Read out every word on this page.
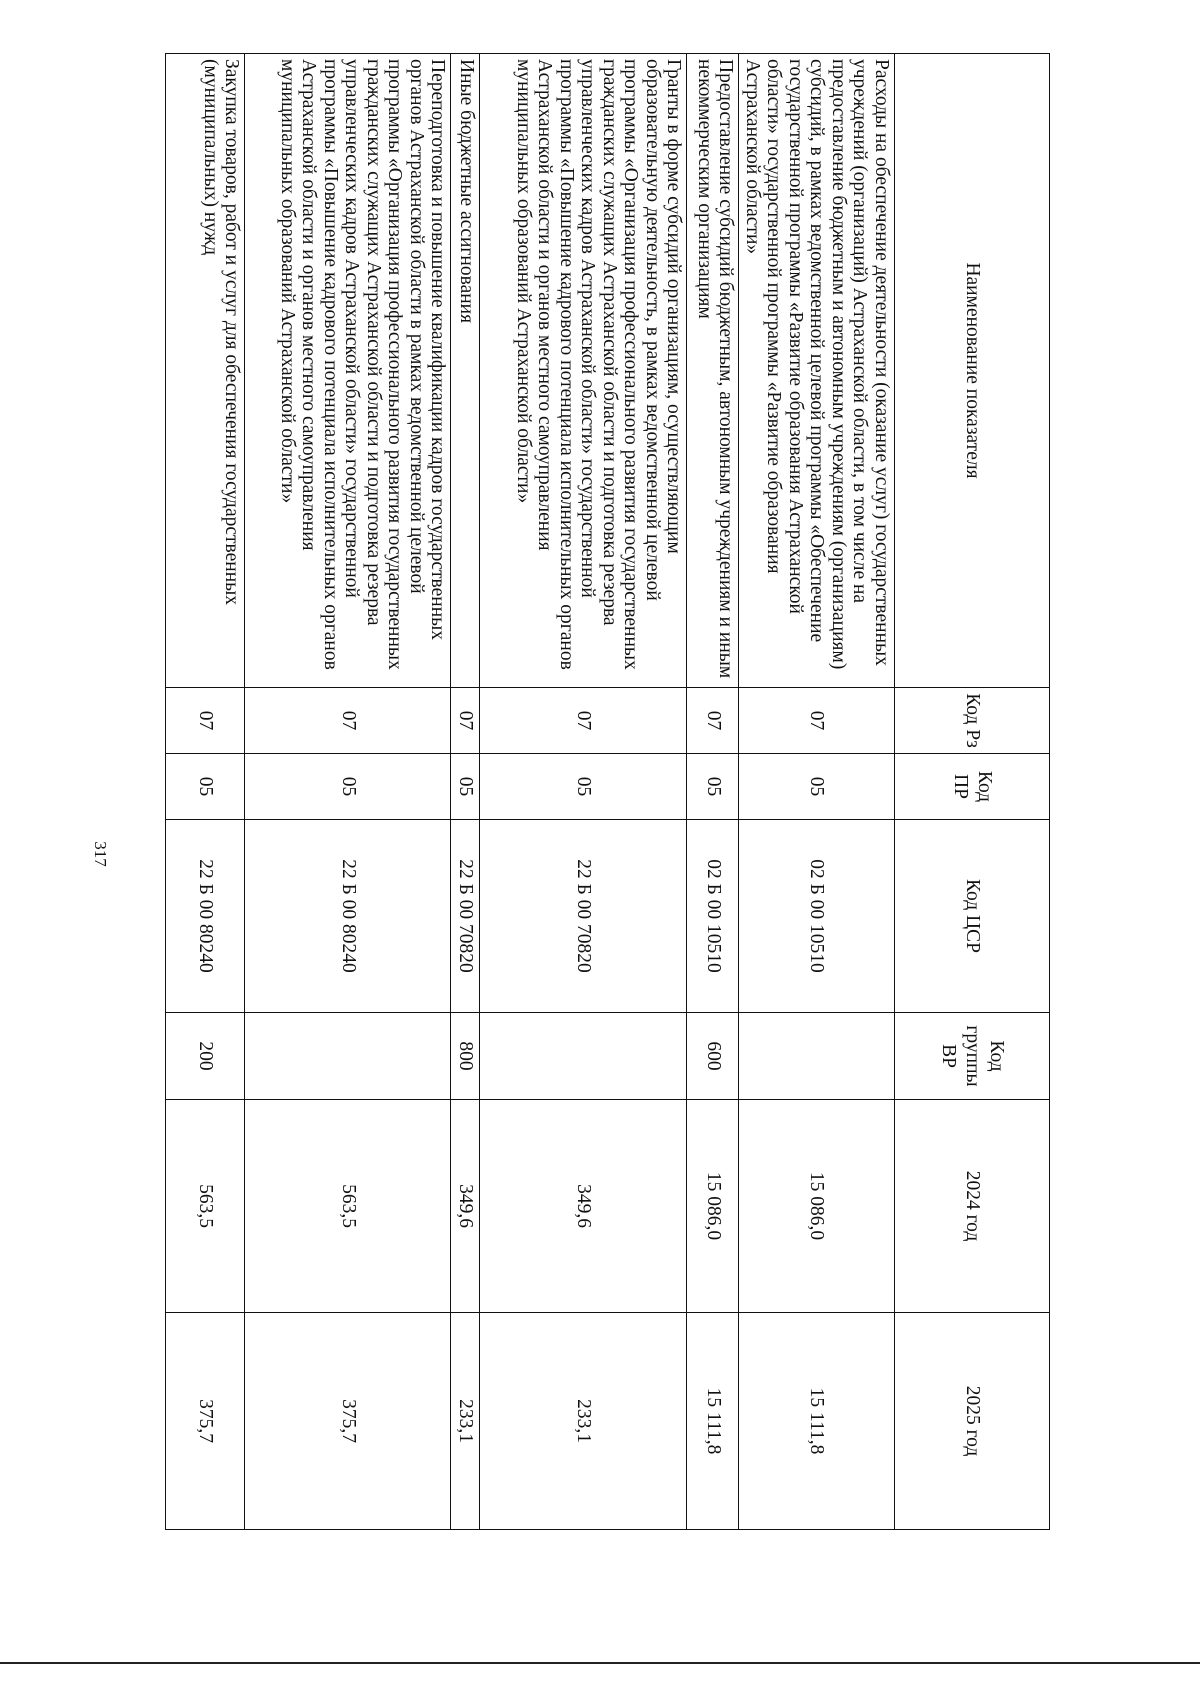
317
Наименование показателя	Код Рз	Код ПР	Код ЦСР	Код группы ВР	2024 год	2025 год
Расходы на обеспечение деятельности (оказание услуг) государственных учреждений (организаций) Астраханской области, в том числе на предоставление бюджетным и автономным учреждениям (организациям) субсидий, в рамках ведомственной целевой программы «Обеспечение государственной программы «Развитие образования Астраханской области» государственной программы «Развитие образования Астраханской области»	07	05	02 Б 00 10510		15 086,0	15 111,8
Предоставление субсидий бюджетным, автономным учреждениям и иным некоммерческим организациям	07	05	02 Б 00 10510	600	15 086,0	15 111,8
Гранты в форме субсидий организациям, осуществляющим образовательную деятельность, в рамках ведомственной целевой программы «Организация профессионального развития государственных гражданских служащих Астраханской области и подготовка резерва управленческих кадров Астраханской области» государственной программы «Повышение кадрового потенциала исполнительных органов Астраханской области и органов местного самоуправления муниципальных образований Астраханской области»	07	05	22 Б 00 70820		349,6	233,1
Иные бюджетные ассигнования	07	05	22 Б 00 70820	800	349,6	233,1
Переподготовка и повышение квалификации кадров государственных органов Астраханской области в рамках ведомственной целевой программы «Организация профессионального развития государственных гражданских служащих Астраханской области и подготовка резерва управленческих кадров Астраханской области» государственной программы «Повышение кадрового потенциала исполнительных органов Астраханской области и органов местного самоуправления муниципальных образований Астраханской области»	07	05	22 Б 00 80240		563,5	375,7
Закупка товаров, работ и услуг для обеспечения государственных (муниципальных) нужд	07	05	22 Б 00 80240	200	563,5	375,7
